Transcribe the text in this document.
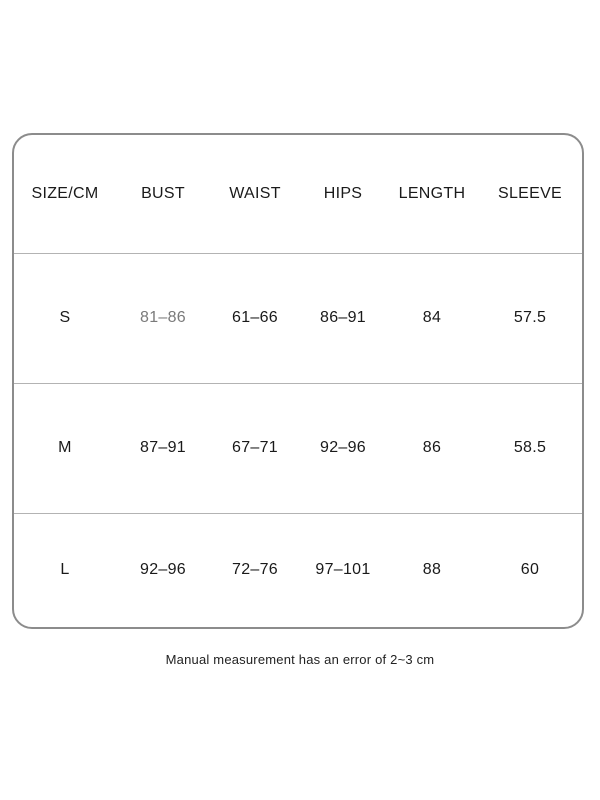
SIZE/CM	BUST	WAIST	HIPS	LENGTH	SLEEVE
S	81–86	61–66	86–91	84	57.5
M	87–91	67–71	92–96	86	58.5
L	92–96	72–76	97–101	88	60
Manual measurement has an error of 2~3 cm
